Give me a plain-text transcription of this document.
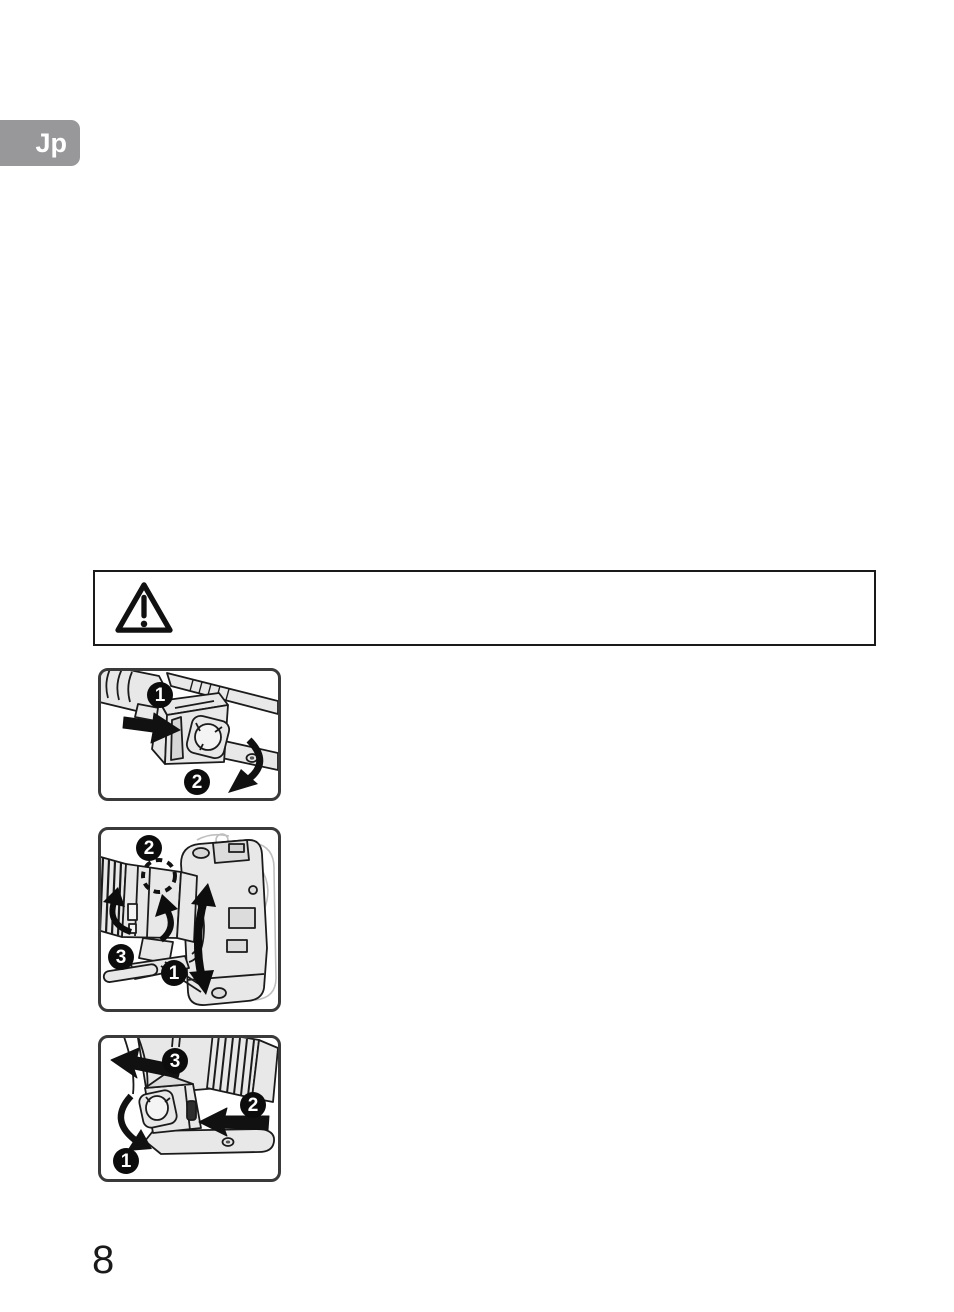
Jp
1
2
2
3
1
3
2
1
8
